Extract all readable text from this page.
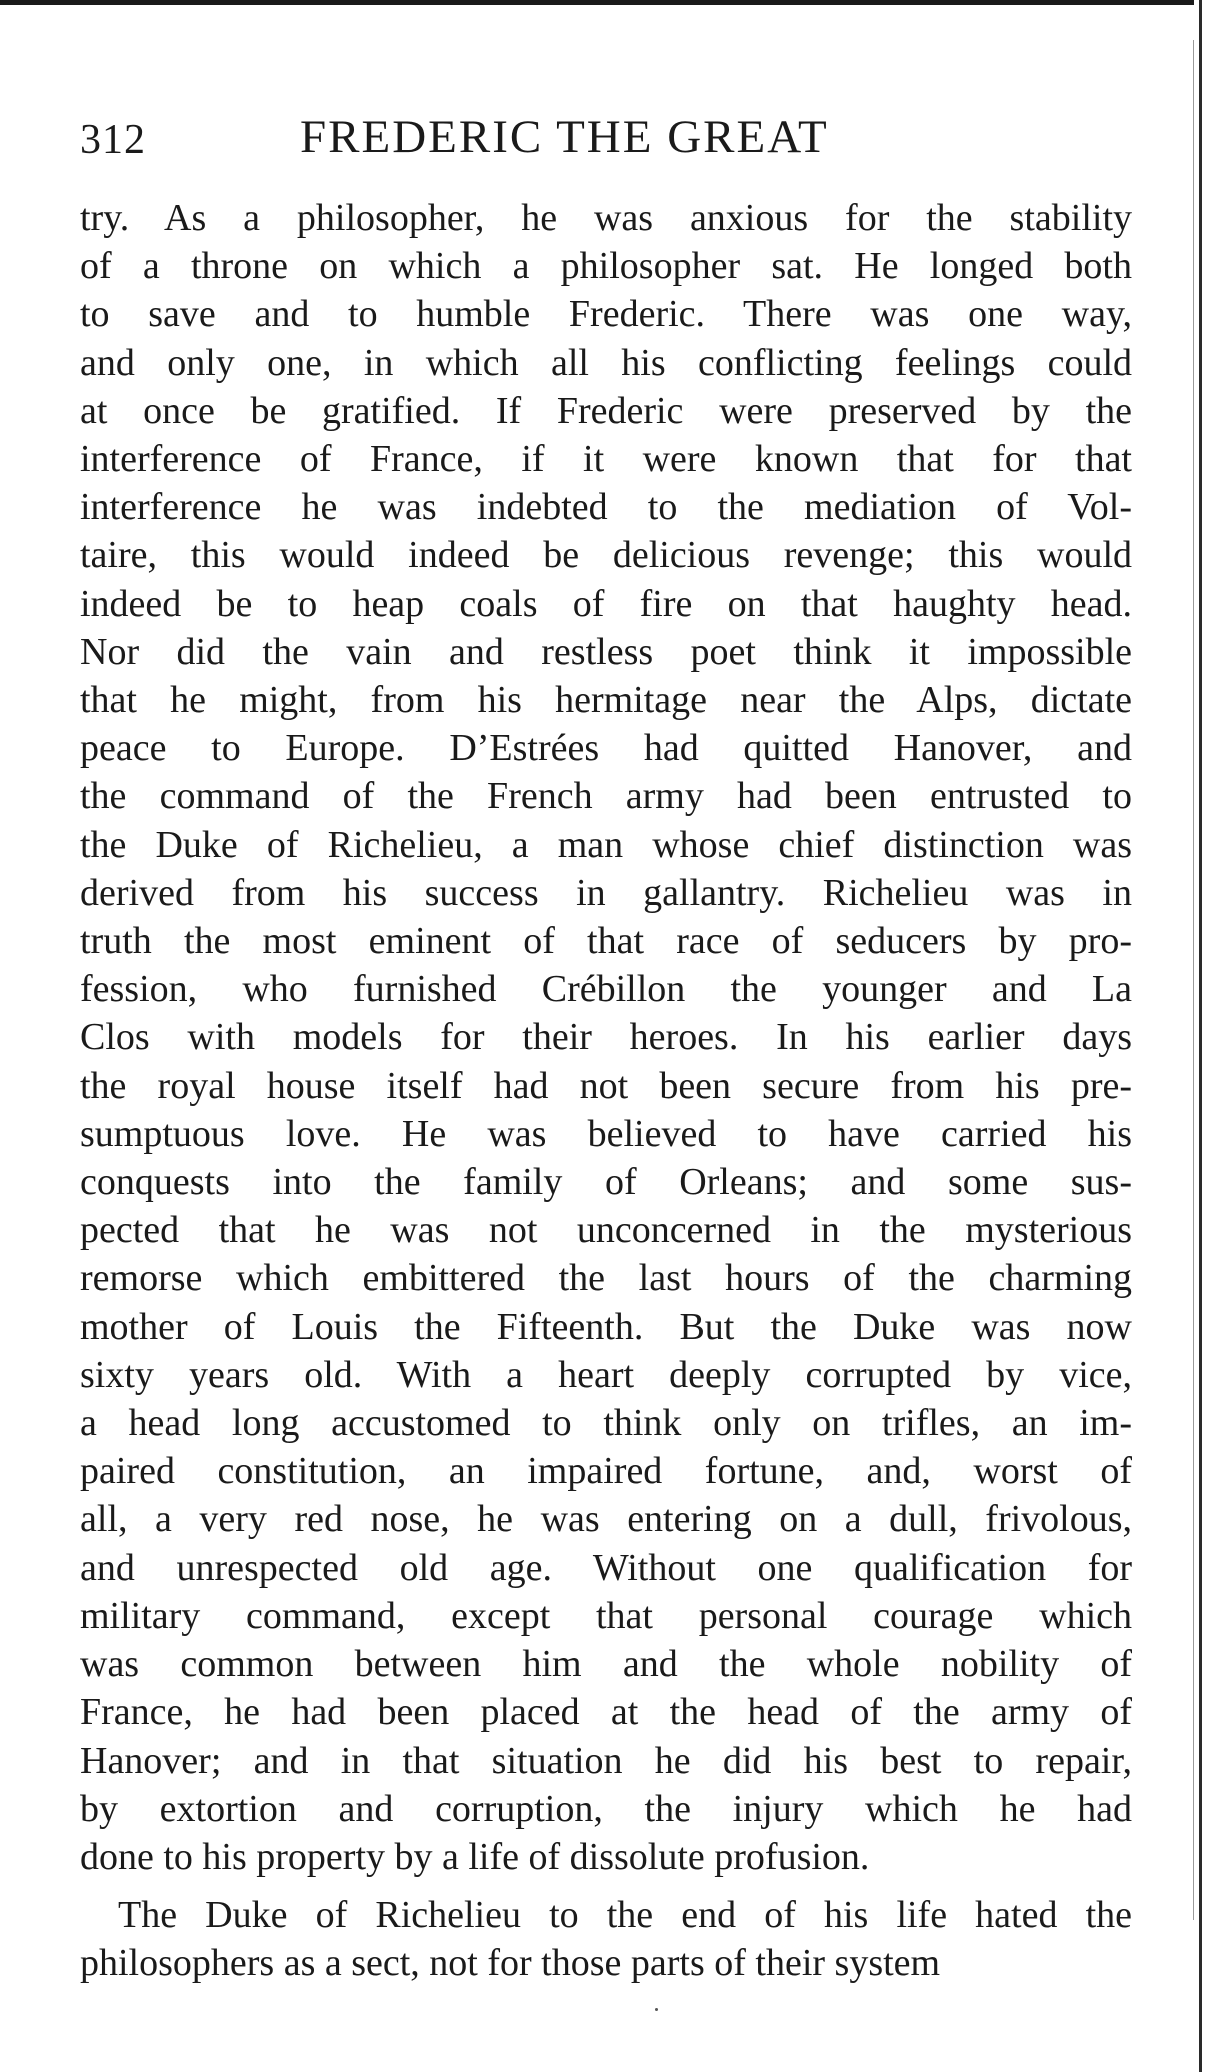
312	FREDERIC THE GREAT
try. As a philosopher, he was anxious for the stability
of a throne on which a philosopher sat. He longed both
to save and to humble Frederic. There was one way,
and only one, in which all his conflicting feelings could
at once be gratified. If Frederic were preserved by the
interference of France, if it were known that for that
interference he was indebted to the mediation of Vol-
taire, this would indeed be delicious revenge; this would
indeed be to heap coals of fire on that haughty head.
Nor did the vain and restless poet think it impossible
that he might, from his hermitage near the Alps, dictate
peace to Europe. D’Estrées had quitted Hanover, and
the command of the French army had been entrusted to
the Duke of Richelieu, a man whose chief distinction was
derived from his success in gallantry. Richelieu was in
truth the most eminent of that race of seducers by pro-
fession, who furnished Crébillon the younger and La
Clos with models for their heroes. In his earlier days
the royal house itself had not been secure from his pre-
sumptuous love. He was believed to have carried his
conquests into the family of Orleans; and some sus-
pected that he was not unconcerned in the mysterious
remorse which embittered the last hours of the charming
mother of Louis the Fifteenth. But the Duke was now
sixty years old. With a heart deeply corrupted by vice,
a head long accustomed to think only on trifles, an im-
paired constitution, an impaired fortune, and, worst of
all, a very red nose, he was entering on a dull, frivolous,
and unrespected old age. Without one qualification for
military command, except that personal courage which
was common between him and the whole nobility of
France, he had been placed at the head of the army of
Hanover; and in that situation he did his best to repair,
by extortion and corruption, the injury which he had
done to his property by a life of dissolute profusion.
The Duke of Richelieu to the end of his life hated the
philosophers as a sect, not for those parts of their system
